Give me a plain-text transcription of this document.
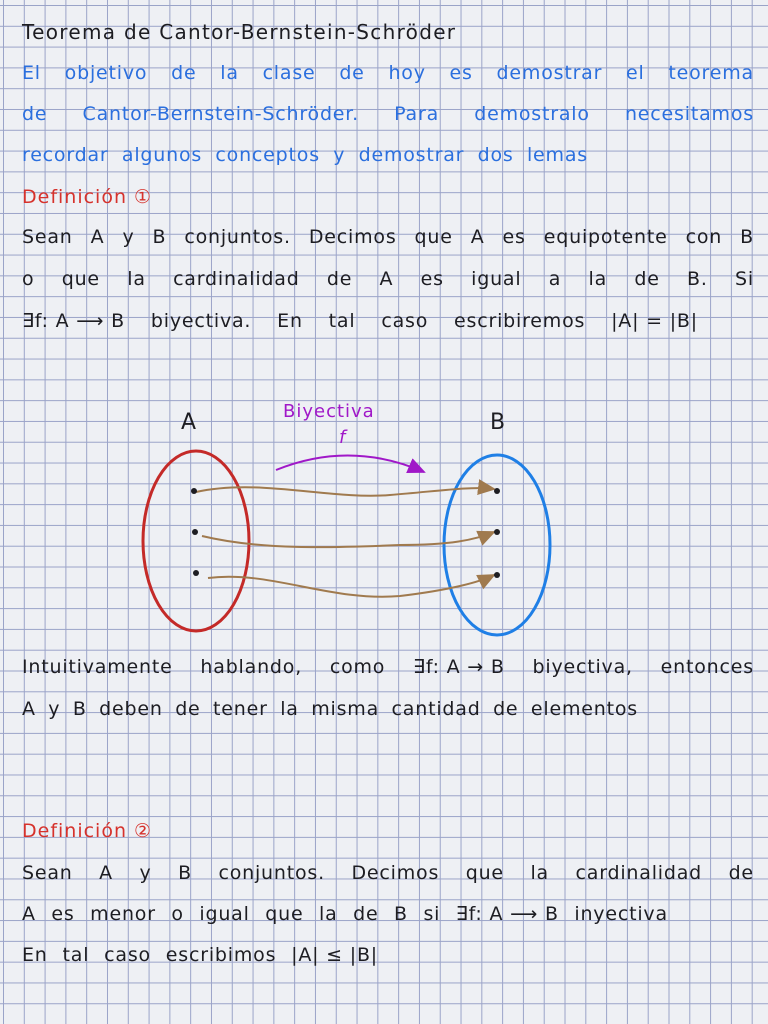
Teorema de Cantor-Bernstein-Schröder
El objetivo de la clase de hoy es demostrar el teorema
de Cantor-Bernstein-Schröder. Para demostralo necesitamos
recordar algunos conceptos y demostrar dos lemas
Definición ①
Sean A y B conjuntos. Decimos que A es equipotente con B
o que la cardinalidad de A es igual a la de B. Si
∃f: A ⟶ B biyectiva. En tal caso escribiremos |A| = |B|
A	B
Biyectiva
f
Intuitivamente hablando, como ∃f: A → B biyectiva, entonces
A y B deben de tener la misma cantidad de elementos
Definición ②
Sean A y B conjuntos. Decimos que la cardinalidad de
A es menor o igual que la de B si ∃f: A ⟶ B inyectiva
En tal caso escribimos |A| ≤ |B|
